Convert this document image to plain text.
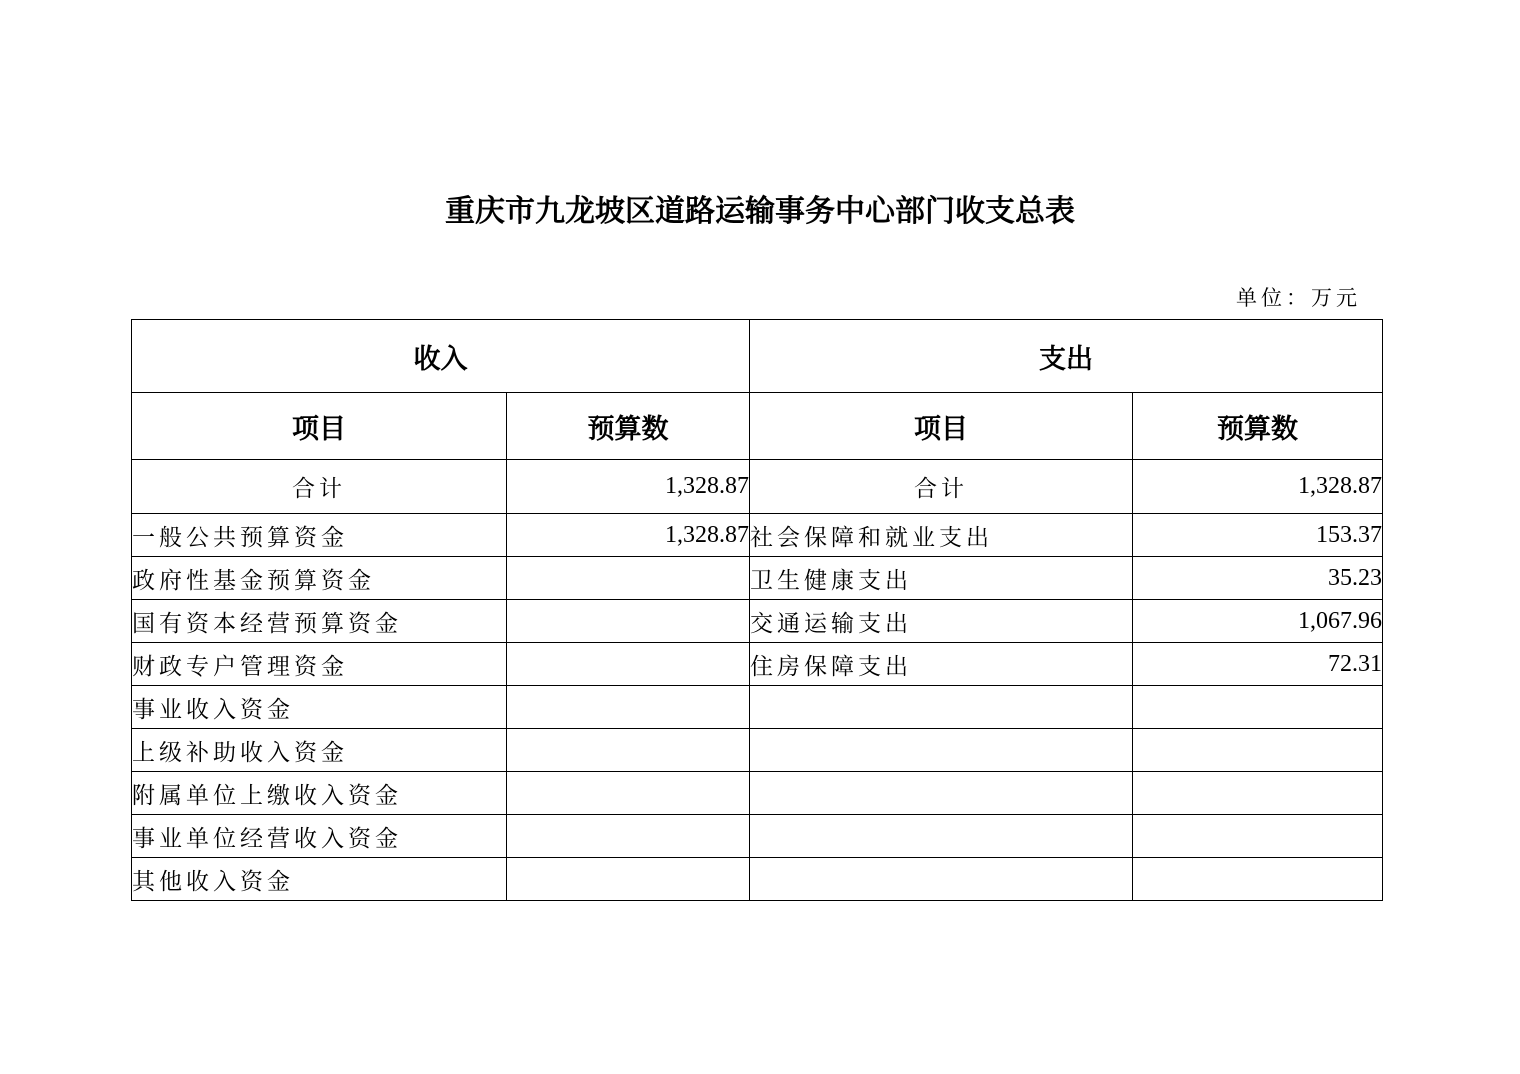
重庆市九龙坡区道路运输事务中心部门收支总表
单位：万元
收入		支出	
项目	预算数	项目	预算数
合计	1,328.87	合计	1,328.87
一般公共预算资金	1,328.87	社会保障和就业支出	153.37
政府性基金预算资金		卫生健康支出	35.23
国有资本经营预算资金		交通运输支出	1,067.96
财政专户管理资金		住房保障支出	72.31
事业收入资金			
上级补助收入资金			
附属单位上缴收入资金			
事业单位经营收入资金			
其他收入资金			
